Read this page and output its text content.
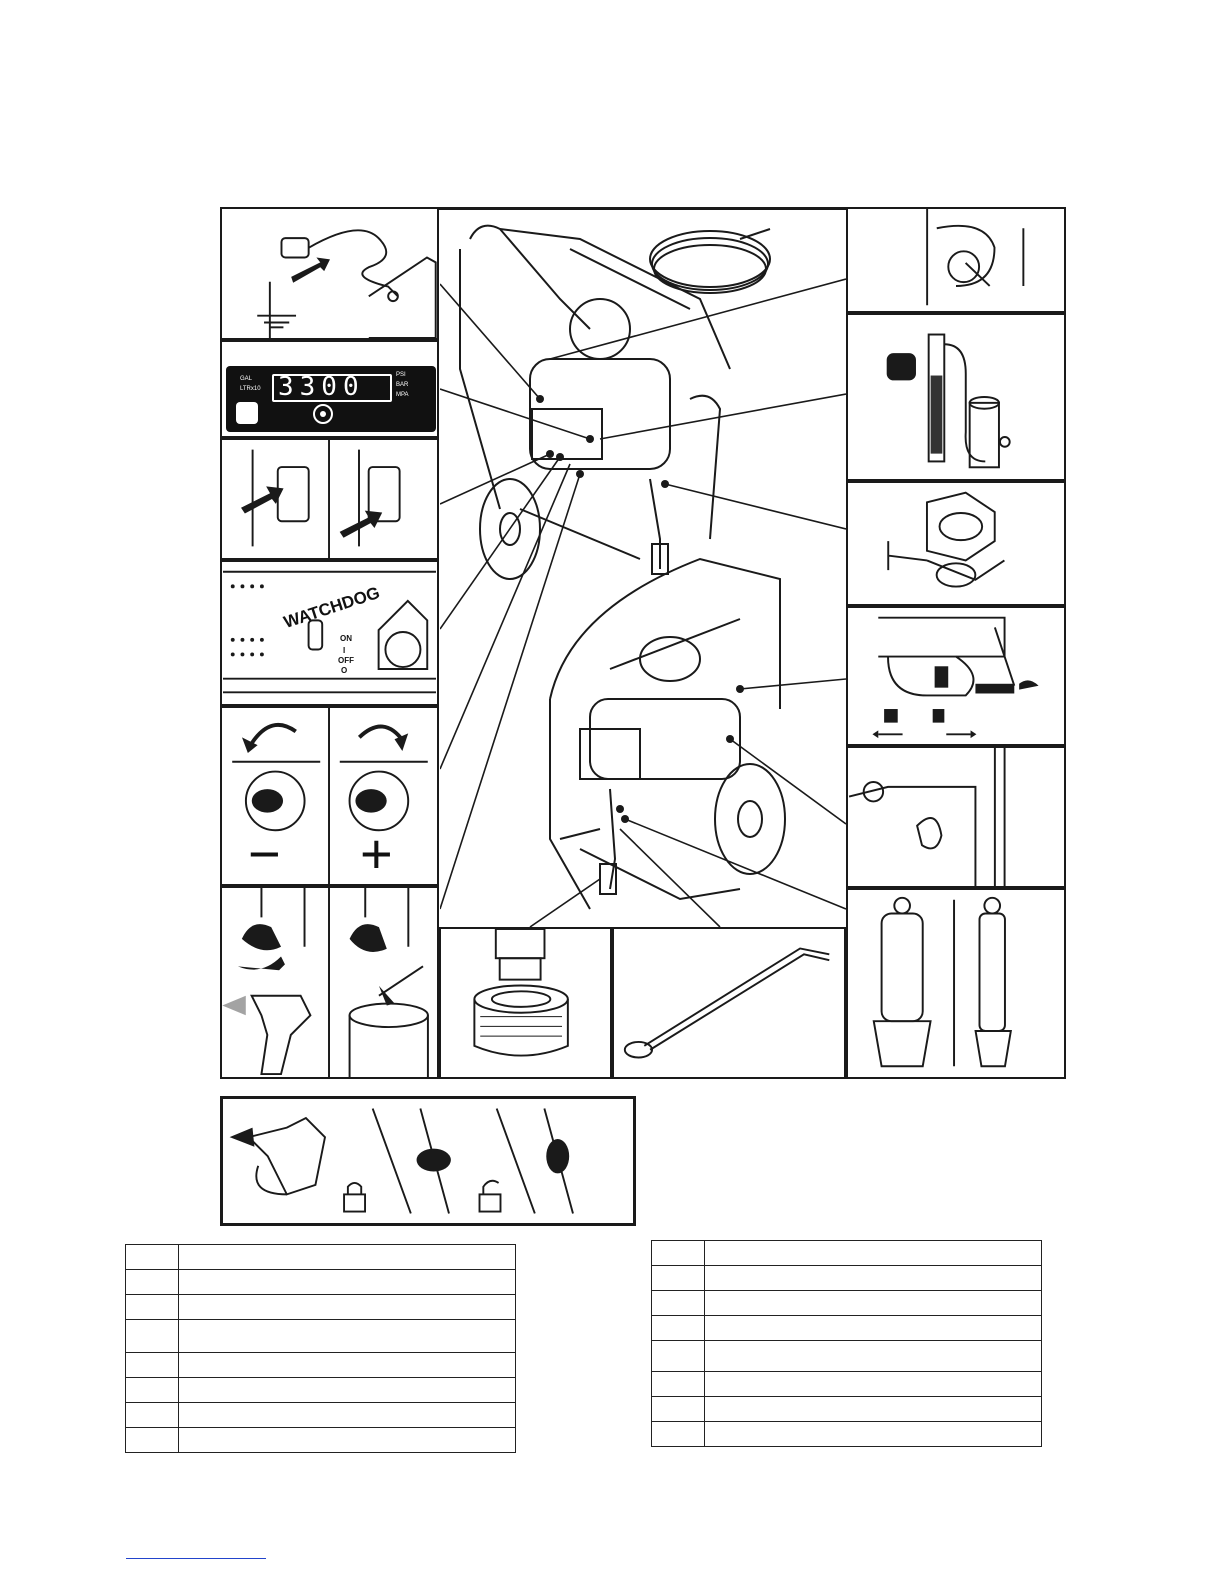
3300
GAL
LTRx10
PSI
BAR
MPA
WATCHDOG
ON
I
OFF
O
− +
